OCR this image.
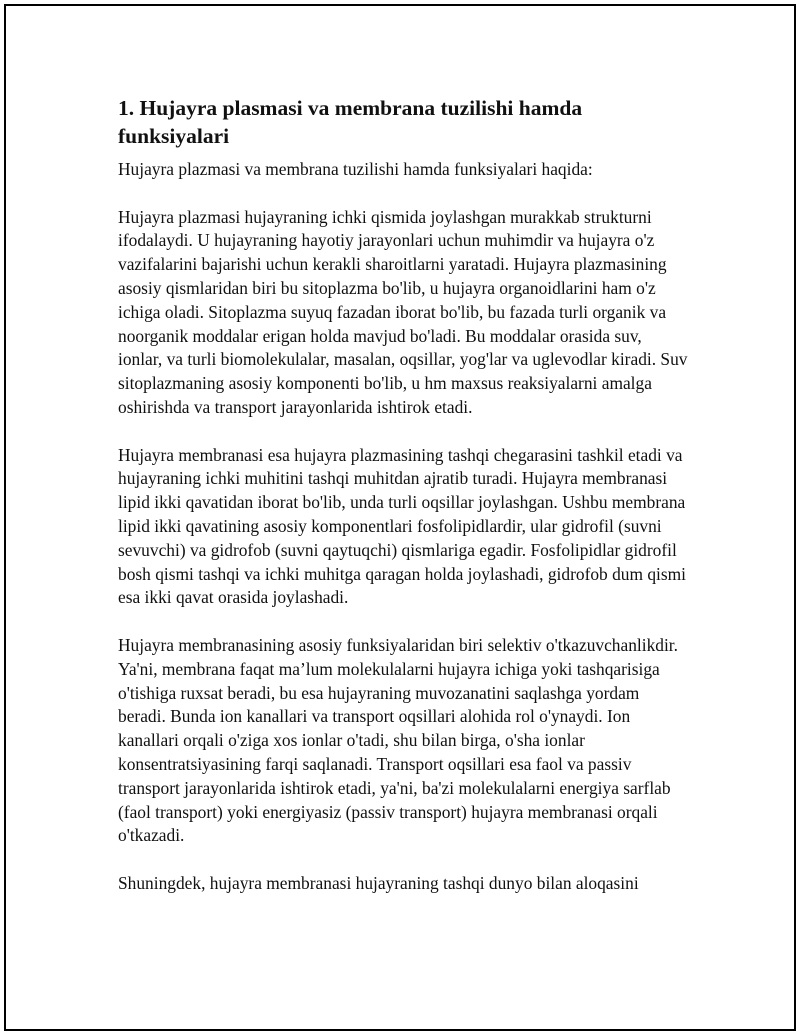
1. Hujayra plasmasi va membrana tuzilishi hamda funksiyalari

Hujayra plazmasi va membrana tuzilishi hamda funksiyalari haqida:

Hujayra plazmasi hujayraning ichki qismida joylashgan murakkab strukturni ifodalaydi. U hujayraning hayotiy jarayonlari uchun muhimdir va hujayra o'z vazifalarini bajarishi uchun kerakli sharoitlarni yaratadi. Hujayra plazmasining asosiy qismlaridan biri bu sitoplazma bo'lib, u hujayra organoidlarini ham o'z ichiga oladi. Sitoplazma suyuq fazadan iborat bo'lib, bu fazada turli organik va noorganik moddalar erigan holda mavjud bo'ladi. Bu moddalar orasida suv, ionlar, va turli biomolekulalar, masalan, oqsillar, yog'lar va uglevodlar kiradi. Suv sitoplazmaning asosiy komponenti bo'lib, u hm maxsus reaksiyalarni amalga oshirishda va transport jarayonlarida ishtirok etadi.

Hujayra membranasi esa hujayra plazmasining tashqi chegarasini tashkil etadi va hujayraning ichki muhitini tashqi muhitdan ajratib turadi. Hujayra membranasi lipid ikki qavatidan iborat bo'lib, unda turli oqsillar joylashgan. Ushbu membrana lipid ikki qavatining asosiy komponentlari fosfolipidlardir, ular gidrofil (suvni sevuvchi) va gidrofob (suvni qaytuqchi) qismlariga egadir. Fosfolipidlar gidrofil bosh qismi tashqi va ichki muhitga qaragan holda joylashadi, gidrofob dum qismi esa ikki qavat orasida joylashadi.

Hujayra membranasining asosiy funksiyalaridan biri selektiv o'tkazuvchanlikdir. Ya'ni, membrana faqat ma’lum molekulalarni hujayra ichiga yoki tashqarisiga o'tishiga ruxsat beradi, bu esa hujayraning muvozanatini saqlashga yordam beradi. Bunda ion kanallari va transport oqsillari alohida rol o'ynaydi. Ion kanallari orqali o'ziga xos ionlar o'tadi, shu bilan birga, o'sha ionlar konsentratsiyasining farqi saqlanadi. Transport oqsillari esa faol va passiv transport jarayonlarida ishtirok etadi, ya'ni, ba'zi molekulalarni energiya sarflab (faol transport) yoki energiyasiz (passiv transport) hujayra membranasi orqali o'tkazadi.

Shuningdek, hujayra membranasi hujayraning tashqi dunyo bilan aloqasini
